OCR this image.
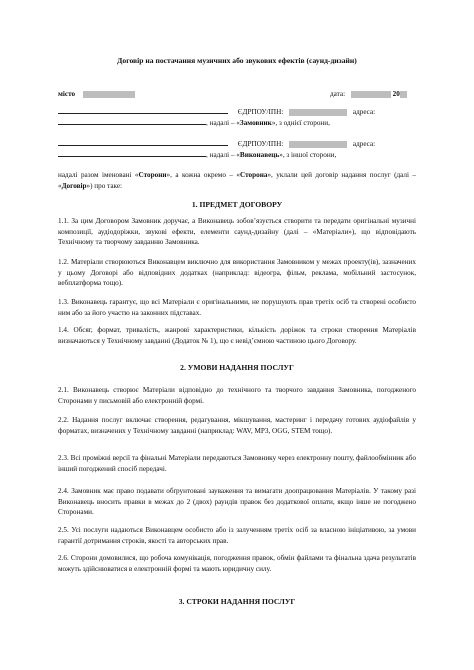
Договір на постачання музичних або звукових ефектів (саунд-дизайн)
місто	дата:	20
ЄДРПОУ/ІПН:	адреса:
, надалі – «Замовник», з однієї сторони,
ЄДРПОУ/ІПН:	адреса:
, надалі – «Виконавець», з іншої сторони,

надалі разом іменовані «Сторони», а кожна окремо – «Сторона», уклали цей договір надання послуг (далі – «Договір») про таке:

1. ПРЕДМЕТ ДОГОВОРУ
1.1. За цим Договором Замовник доручає, а Виконавець зобов’язується створити та передати оригінальні музичні композиції, аудіодоріжки, звукові ефекти, елементи саунд-дизайну (далі – «Матеріали»), що відповідають Технічному та творчому завданню Замовника.
1.2. Матеріали створюються Виконавцем виключно для використання Замовником у межах проекту(ів), зазначених у цьому Договорі або відповідних додатках (наприклад: відеогра, фільм, реклама, мобільний застосунок, вебплатформа тощо).
1.3. Виконавець гарантує, що всі Матеріали є оригінальними, не порушують прав третіх осіб та створені особисто ним або за його участю на законних підставах.
1.4. Обсяг, формат, тривалість, жанрові характеристики, кількість доріжок та строки створення Матеріалів визначаються у Технічному завданні (Додаток № 1), що є невід’ємною частиною цього Договору.
2. УМОВИ НАДАННЯ ПОСЛУГ
2.1. Виконавець створює Матеріали відповідно до технічного та творчого завдання Замовника, погодженого Сторонами у письмовій або електронній формі.
2.2. Надання послуг включає створення, редагування, мікшування, мастеринг і передачу готових аудіофайлів у форматах, визначених у Технічному завданні (наприклад: WAV, MP3, OGG, STEM тощо).
2.3. Всі проміжні версії та фінальні Матеріали передаються Замовнику через електронну пошту, файлообмінник або інший погоджений спосіб передачі.
2.4. Замовник має право подавати обґрунтовані зауваження та вимагати доопрацювання Матеріалів. У такому разі Виконавець вносить правки в межах до 2 (двох) раундів правок без додаткової оплати, якщо інше не погоджено Сторонами.
2.5. Усі послуги надаються Виконавцем особисто або із залученням третіх осіб за власною ініціативою, за умови гарантії дотримання строків, якості та авторських прав.
2.6. Сторони домовилися, що робоча комунікація, погодження правок, обмін файлами та фінальна здача результатів можуть здійснюватися в електронній формі та мають юридичну силу.
3. СТРОКИ НАДАННЯ ПОСЛУГ
